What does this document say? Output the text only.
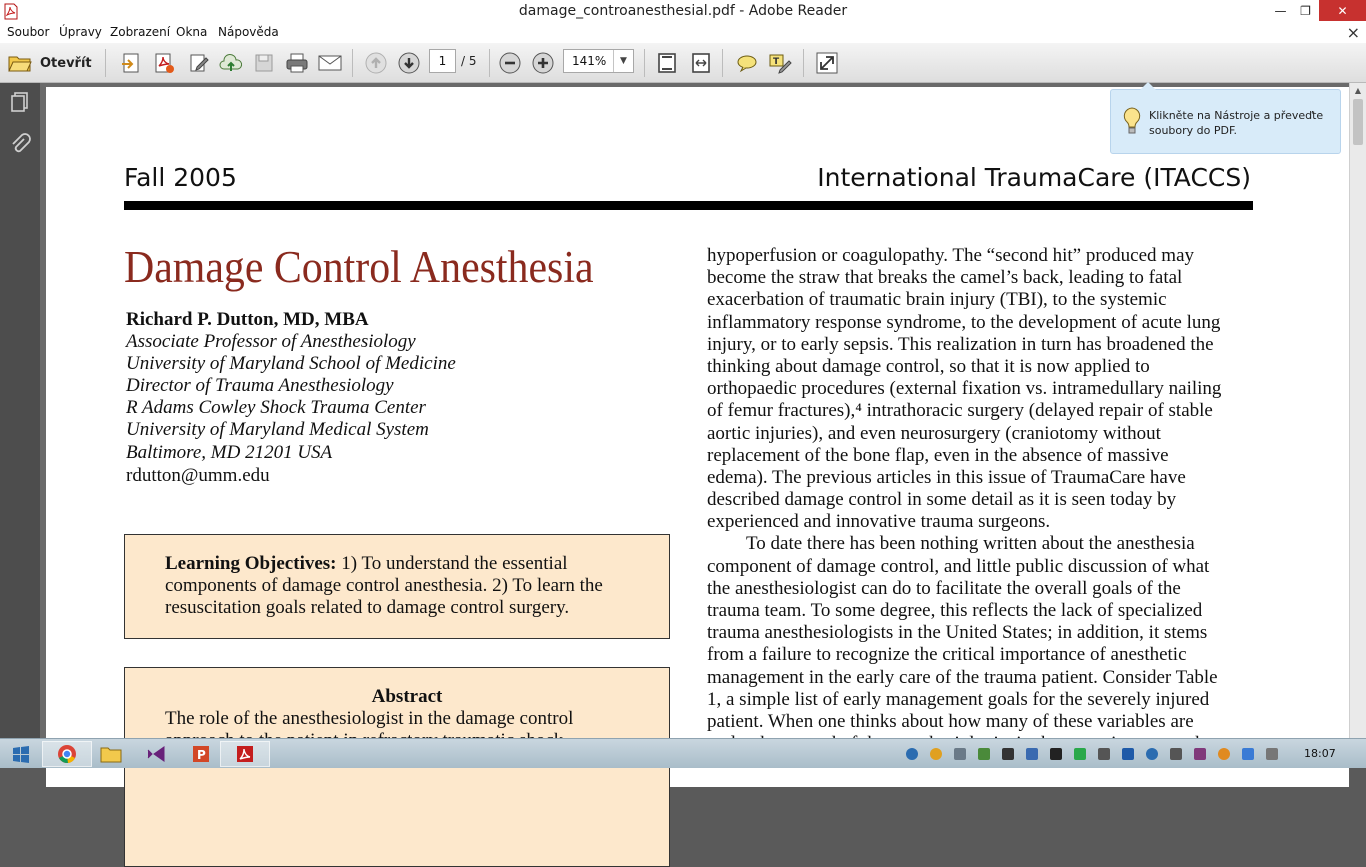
damage_controanesthesial.pdf - Adobe Reader	—	❐	✕
Soubor Úpravy Zobrazení Okna Nápověda	×
Otevřít	T
1	/ 5	141%	▼
Fall 2005	International TraumaCare (ITACCS)
Damage Control Anesthesia
Richard P. Dutton, MD, MBA
Associate Professor of Anesthesiology
University of Maryland School of Medicine
Director of Trauma Anesthesiology
R Adams Cowley Shock Trauma Center
University of Maryland Medical System
Baltimore, MD 21201 USA
rdutton@umm.edu
Learning Objectives: 1) To understand the essential components of damage control anesthesia. 2) To learn the resuscitation goals related to damage control surgery.
Abstract
The role of the anesthesiologist in the damage control
hypoperfusion or coagulopathy. The “second hit” produced may
become the straw that breaks the camel’s back, leading to fatal
exacerbation of traumatic brain injury (TBI), to the systemic
inflammatory response syndrome, to the development of acute lung
injury, or to early sepsis. This realization in turn has broadened the
thinking about damage control, so that it is now applied to
orthopaedic procedures (external fixation vs. intramedullary nailing
of femur fractures),⁴ intrathoracic surgery (delayed repair of stable
aortic injuries), and even neurosurgery (craniotomy without
replacement of the bone flap, even in the absence of massive
edema). The previous articles in this issue of TraumaCare have
described damage control in some detail as it is seen today by
experienced and innovative trauma surgeons.
To date there has been nothing written about the anesthesia
component of damage control, and little public discussion of what
the anesthesiologist can do to facilitate the overall goals of the
trauma team. To some degree, this reflects the lack of specialized
trauma anesthesiologists in the United States; in addition, it stems
from a failure to recognize the critical importance of anesthetic
management in the early care of the trauma patient. Consider Table
1, a simple list of early management goals for the severely injured
patient. When one thinks about how many of these variables are
Klikněte na Nástroje a převeďte soubory do PDF.
▲
P	18:07
